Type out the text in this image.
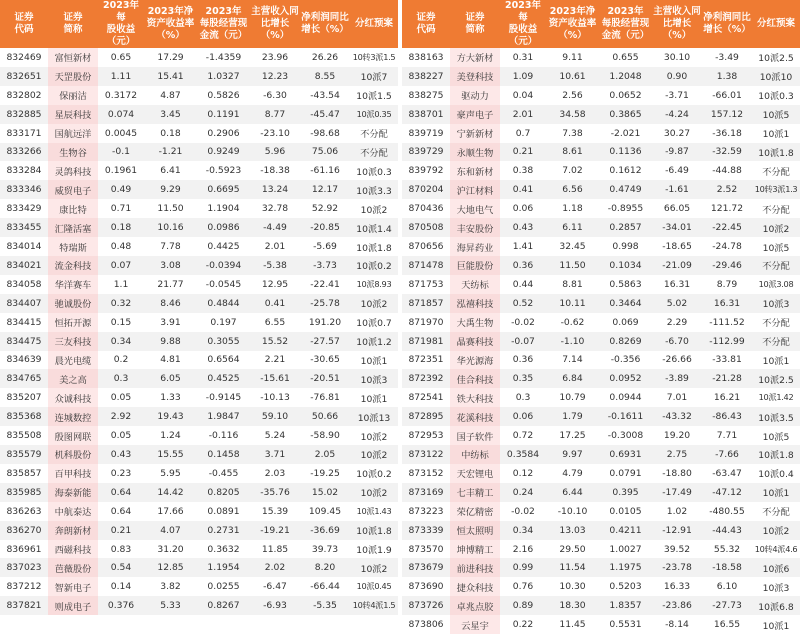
证券
代码	证券
简称	2023年每
股收益
（元）	2023年净
资产收益率
（%）	2023年
每股经营现
金流（元）	主营收入同
比增长
（%）	净利润同比
增长（%）	分红预案

832469	富恒新材	0.65	17.29	-1.4359	23.96	26.26	10转3派1.5
832651	天罡股份	1.11	15.41	1.0327	12.23	8.55	10派7
832802	保丽洁	0.3172	4.87	0.5826	-6.30	-43.54	10派1.5
832885	星辰科技	0.074	3.45	0.1191	8.77	-45.47	10派0.35
833171	国航远洋	0.0045	0.18	0.2906	-23.10	-98.68	不分配
833266	生物谷	-0.1	-1.21	0.9249	5.96	75.06	不分配
833284	灵鸽科技	0.1961	6.41	-0.5923	-18.38	-61.16	10派0.3
833346	威贸电子	0.49	9.29	0.6695	13.24	12.17	10派3.3
833429	康比特	0.71	11.50	1.1904	32.78	52.92	10派2
833455	汇隆活塞	0.18	10.16	0.0986	-4.49	-20.85	10派1.4
834014	特瑞斯	0.48	7.78	0.4425	2.01	-5.69	10派1.8
834021	流金科技	0.07	3.08	-0.0394	-5.38	-3.73	10派0.2
834058	华洋赛车	1.1	21.77	-0.0545	12.95	-22.41	10派8.93
834407	驰诚股份	0.32	8.46	0.4844	0.41	-25.78	10派2
834415	恒拓开源	0.15	3.91	0.197	6.55	191.20	10派0.7
834475	三友科技	0.34	9.88	0.3055	15.52	-27.57	10派1.2
834639	晨光电缆	0.2	4.81	0.6564	2.21	-30.65	10派1
834765	美之高	0.3	6.05	0.4525	-15.61	-20.51	10派3
835207	众诚科技	0.05	1.33	-0.9145	-10.13	-76.81	10派1
835368	连城数控	2.92	19.43	1.9847	59.10	50.66	10派13
835508	殷图网联	0.05	1.24	-0.116	5.24	-58.90	10派2
835579	机科股份	0.43	15.55	0.1458	3.71	2.05	10派2
835857	百甲科技	0.23	5.95	-0.455	2.03	-19.25	10派0.2
835985	海泰新能	0.64	14.42	0.8205	-35.76	15.02	10派2
836263	中航泰达	0.64	17.66	0.0891	15.39	109.45	10派1.43
836270	奔朗新材	0.21	4.07	0.2731	-19.21	-36.69	10派1.8
836961	西磁科技	0.83	31.20	0.3632	11.85	39.73	10派1.9
837023	芭薇股份	0.54	12.85	1.1954	2.02	8.20	10派2
837212	智新电子	0.14	3.82	0.0255	-6.47	-66.44	10派0.45
837821	则成电子	0.376	5.33	0.8267	-6.93	-5.35	10转4派1.5
证券
代码	证券
简称	2023年每
股收益
（元）	2023年净
资产收益率
（%）	2023年
每股经营现
金流（元）	主营收入同
比增长
（%）	净利润同比
增长（%）	分红预案

838163	方大新材	0.31	9.11	0.655	30.10	-3.49	10派2.5
838227	美登科技	1.09	10.61	1.2048	0.90	1.38	10派10
838275	驱动力	0.04	2.56	0.0652	-3.71	-66.01	10派0.3
838701	豪声电子	2.01	34.58	0.3865	-4.24	157.12	10派5
839719	宁新新材	0.7	7.38	-2.021	30.27	-36.18	10派1
839729	永顺生物	0.21	8.61	0.1136	-9.87	-32.59	10派1.8
839792	东和新材	0.38	7.02	0.1612	-6.49	-44.88	不分配
870204	沪江材料	0.41	6.56	0.4749	-1.61	2.52	10转3派1.3
870436	大地电气	0.06	1.18	-0.8955	66.05	121.72	不分配
870508	丰安股份	0.43	6.11	0.2857	-34.01	-22.45	10派2
870656	海昇药业	1.41	32.45	0.998	-18.65	-24.78	10派5
871478	巨能股份	0.36	11.50	0.1034	-21.09	-29.46	不分配
871753	天纺标	0.44	8.81	0.5863	16.31	8.79	10派3.08
871857	泓禧科技	0.52	10.11	0.3464	5.02	16.31	10派3
871970	大禹生物	-0.02	-0.62	0.069	2.29	-111.52	不分配
871981	晶赛科技	-0.07	-1.10	0.8269	-6.70	-112.99	不分配
872351	华光源海	0.36	7.14	-0.356	-26.66	-33.81	10派1
872392	佳合科技	0.35	6.84	0.0952	-3.89	-21.28	10派2.5
872541	铁大科技	0.3	10.79	0.0944	7.01	16.21	10派1.42
872895	花溪科技	0.06	1.79	-0.1611	-43.32	-86.43	10派3.5
872953	国子软件	0.72	17.25	-0.3008	19.20	7.71	10派5
873122	中纺标	0.3584	9.97	0.6931	2.75	-7.66	10派1.8
873152	天宏锂电	0.12	4.79	0.0791	-18.80	-63.47	10派0.4
873169	七丰精工	0.24	6.44	0.395	-17.49	-47.12	10派1
873223	荣亿精密	-0.02	-10.10	0.0105	1.02	-480.55	不分配
873339	恒太照明	0.34	13.03	0.4211	-12.91	-44.43	10派2
873570	坤博精工	2.16	29.50	1.0027	39.52	55.32	10转4派4.6
873679	前进科技	0.99	11.54	1.1975	-23.78	-18.58	10派6
873690	捷众科技	0.76	10.30	0.5203	16.33	6.10	10派3
873726	卓兆点胶	0.89	18.30	1.8357	-23.86	-27.73	10派6.8
873806	云星宇	0.22	11.45	0.5531	-8.14	16.55	10派1
